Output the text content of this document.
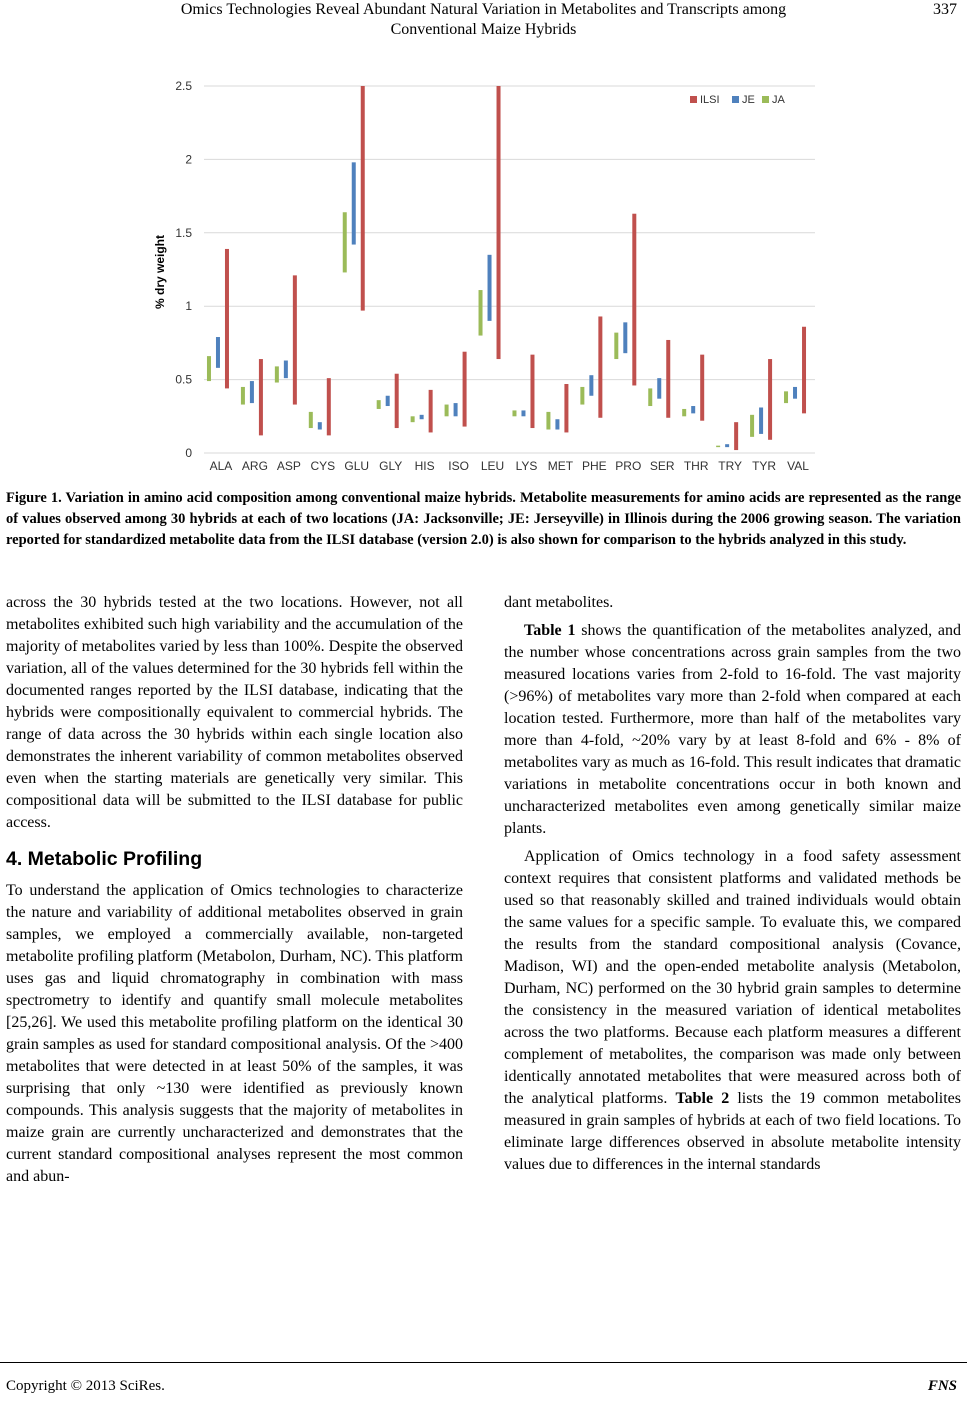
Omics Technologies Reveal Abundant Natural Variation in Metabolites and Transcripts among
Conventional Maize Hybrids
337
0
0.5
1
1.5
2
2.5
ALA ARG ASP CYS GLU GLY HIS ISO LEU LYS MET PHE PRO SER THR TRY TYR VAL
ILSI JE JA
% dry weight
Figure 1. Variation in amino acid composition among conventional maize hybrids. Metabolite measurements for amino acids are represented as the range of values observed among 30 hybrids at each of two locations (JA: Jacksonville; JE: Jerseyville) in Illinois during the 2006 growing season. The variation reported for standardized metabolite data from the ILSI database (version 2.0) is also shown for comparison to the hybrids analyzed in this study.

across the 30 hybrids tested at the two locations. However, not all metabolites exhibited such high variability and the accumulation of the majority of metabolites varied by less than 100%. Despite the observed variation, all of the values determined for the 30 hybrids fell within the documented ranges reported by the ILSI database, indicating that the hybrids were compositionally equivalent to commercial hybrids. The range of data across the 30 hybrids within each single location also demonstrates the inherent variability of common metabolites observed even when the starting materials are genetically very similar. This compositional data will be submitted to the ILSI database for public access.

4. Metabolic Profiling

To understand the application of Omics technologies to characterize the nature and variability of additional metabolites observed in grain samples, we employed a commercially available, non-targeted metabolite profiling platform (Metabolon, Durham, NC). This platform uses gas and liquid chromatography in combination with mass spectrometry to identify and quantify small molecule metabolites [25,26]. We used this metabolite profiling platform on the identical 30 grain samples as used for standard compositional analysis. Of the >400 metabolites that were detected in at least 50% of the samples, it was surprising that only ~130 were identified as previously known compounds. This analysis suggests that the majority of metabolites in maize grain are currently uncharacterized and demonstrates that the current standard compositional analyses represent the most common and abun-

dant metabolites.

Table 1 shows the quantification of the metabolites analyzed, and the number whose concentrations across grain samples from the two measured locations varies from 2-fold to 16-fold. The vast majority (>96%) of metabolites vary more than 2-fold when compared at each location tested. Furthermore, more than half of the metabolites vary more than 4-fold, ~20% vary by at least 8-fold and 6% - 8% of metabolites vary as much as 16-fold. This result indicates that dramatic variations in metabolite concentrations occur in both known and uncharacterized metabolites even among genetically similar maize plants.

Application of Omics technology in a food safety assessment context requires that consistent platforms and validated methods be used so that reasonably skilled and trained individuals would obtain the same values for a specific sample. To evaluate this, we compared the results from the standard compositional analysis (Covance, Madison, WI) and the open-ended metabolite analysis (Metabolon, Durham, NC) performed on the 30 hybrid grain samples to determine the consistency in the measured variation of identical metabolites across the two platforms. Because each platform measures a different complement of metabolites, the comparison was made only between identically annotated metabolites that were measured across both of the analytical platforms. Table 2 lists the 19 common metabolites measured in grain samples of hybrids at each of two field locations. To eliminate large differences observed in absolute metabolite intensity values due to differences in the internal standards

Copyright © 2013 SciRes.	FNS
